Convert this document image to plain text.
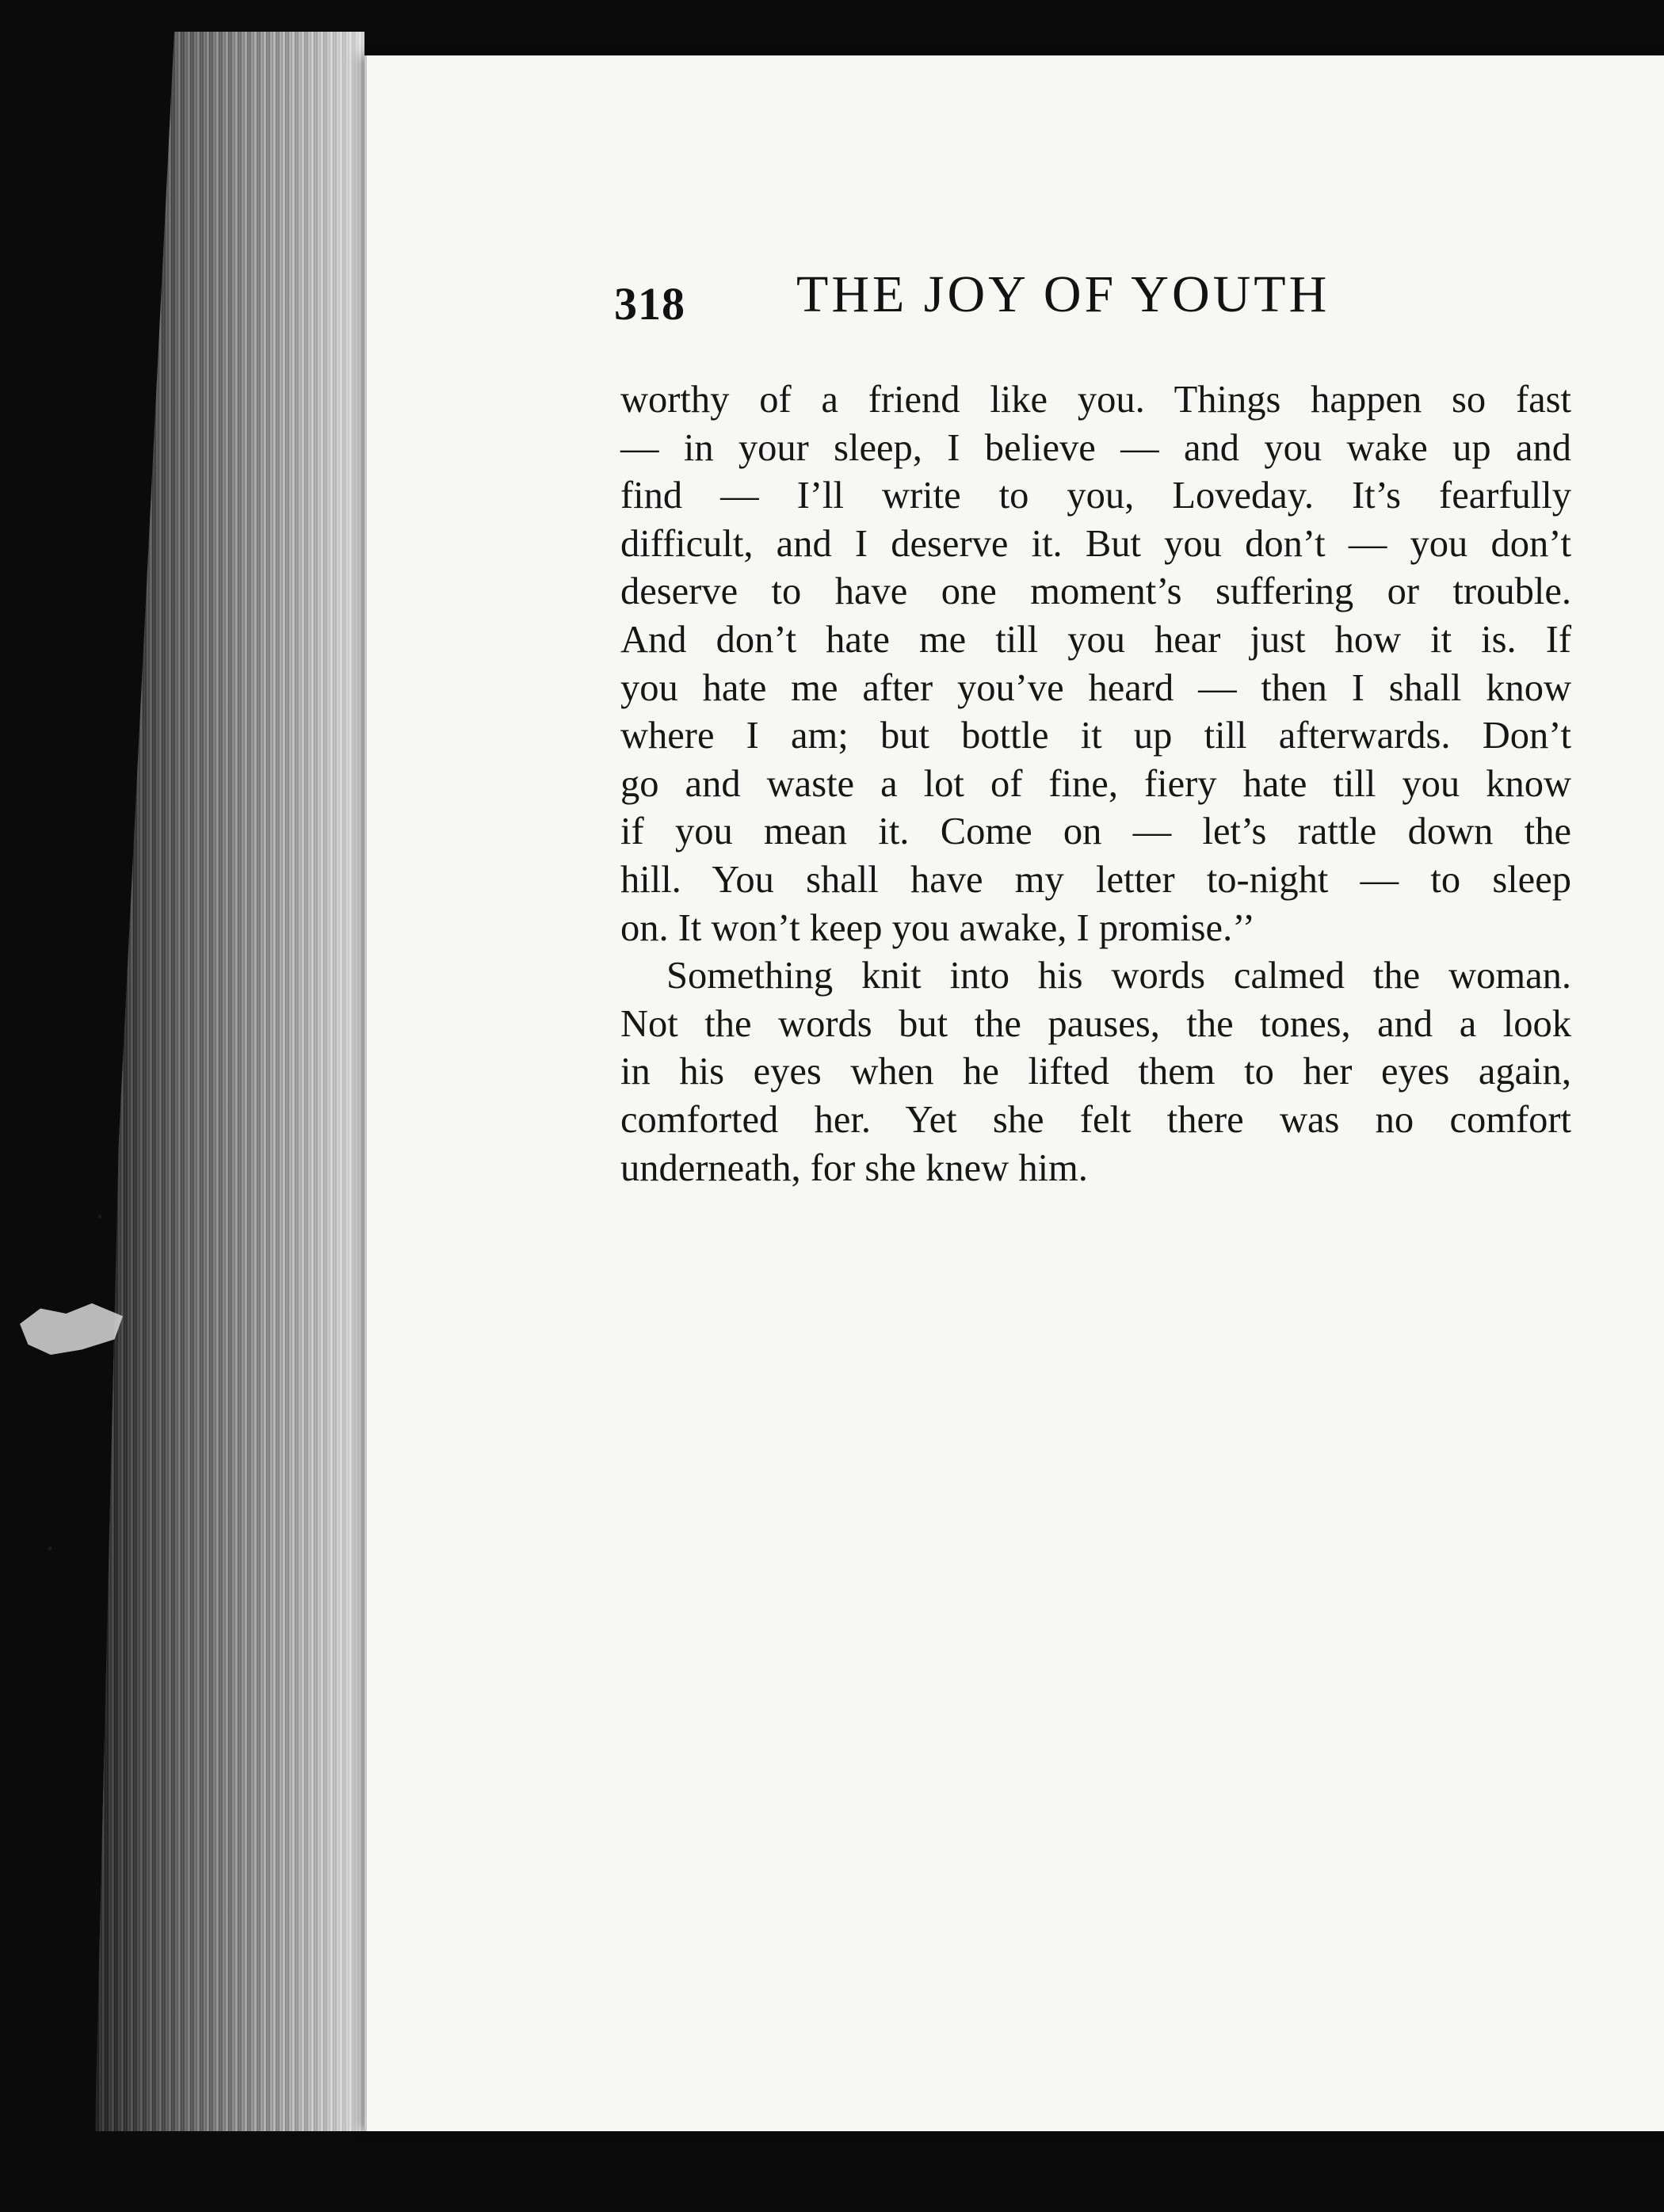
318 THE JOY OF YOUTH
worthy of a friend like you. Things happen so fast
— in your sleep, I believe — and you wake up and
find — I’ll write to you, Loveday. It’s fearfully
difficult, and I deserve it. But you don’t — you don’t
deserve to have one moment’s suffering or trouble.
And don’t hate me till you hear just how it is. If
you hate me after you’ve heard — then I shall know
where I am; but bottle it up till afterwards. Don’t
go and waste a lot of fine, fiery hate till you know
if you mean it. Come on — let’s rattle down the
hill. You shall have my letter to-night — to sleep
on. It won’t keep you awake, I promise.’’
Something knit into his words calmed the woman.
Not the words but the pauses, the tones, and a look
in his eyes when he lifted them to her eyes again,
comforted her. Yet she felt there was no comfort
underneath, for she knew him.
